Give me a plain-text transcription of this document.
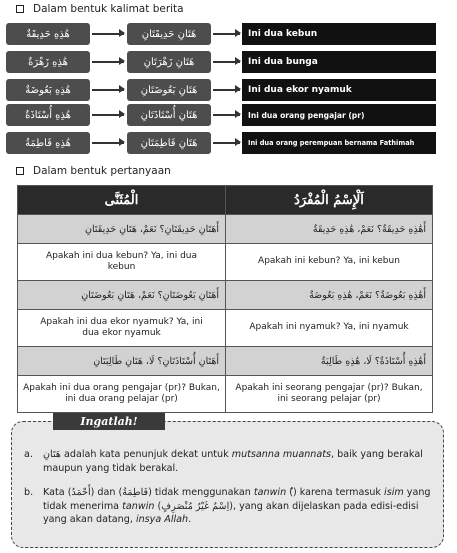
Dalam bentuk kalimat berita
هَٰذِهِ حَدِيقَةٌ	هَتَانِ حَدِيقَتَانِ	Ini dua kebun
هَٰذِهِ زَهْرَةٌ	هَتَانِ زَهْرَتَانِ	Ini dua bunga
هَٰذِهِ بَعُوضَةٌ	هَتَانِ بَعُوضَتَانِ	Ini dua ekor nyamuk
هَٰذِهِ أُسْتَاذَةٌ	هَتَانِ أُسْتَاذَتَانِ	Ini dua orang pengajar (pr)
هَٰذِهِ فَاطِمَةُ	هَتَانِ فَاطِمَتَانِ	Ini dua orang perempuan bernama Fathimah
Dalam bentuk pertanyaan
الْمُثَنَّى	اَلْإِسْمُ الْمُفْرَدُ
أَهَتَانِ حَدِيقَتَانِ؟ نَعَمْ، هَتَانِ حَدِيقَتَانِ	أَهَٰذِهِ حَدِيقَةٌ؟ نَعَمْ، هَٰذِهِ حَدِيقَةٌ
Apakah ini dua kebun? Ya, ini dua kebun	Apakah ini kebun? Ya, ini kebun
أَهَتَانِ بَعُوضَتَانِ؟ نَعَمْ، هَتَانِ بَعُوضَتَانِ	أَهَٰذِهِ بَعُوضَةٌ؟ نَعَمْ، هَٰذِهِ بَعُوضَةٌ
Apakah ini dua ekor nyamuk? Ya, ini dua ekor nyamuk	Apakah ini nyamuk? Ya, ini nyamuk
أَهَتَانِ أُسْتَاذَتَانِ؟ لَا، هَتَانِ طَالِبَتَانِ	أَهَٰذِهِ أُسْتَاذَةٌ؟ لَا، هَٰذِهِ طَالِبَةٌ
Apakah ini dua orang pengajar (pr)? Bukan, ini dua orang pelajar (pr)	Apakah ini seorang pengajar (pr)? Bukan, ini seorang pelajar (pr)
Ingatlah!
a. هَتَانِ adalah kata penunjuk dekat untuk mutsanna muannats, baik yang berakal maupun yang tidak berakal.
b. Kata (أَحْمَدُ) dan (فَاطِمَةُ) tidak menggunakan tanwin (ٌ) karena termasuk isim yang tidak menerima tanwin (اِسْمٌ غَيْرُ مُنْصَرِفٍ), yang akan dijelaskan pada edisi-edisi yang akan datang, insya Allah.
